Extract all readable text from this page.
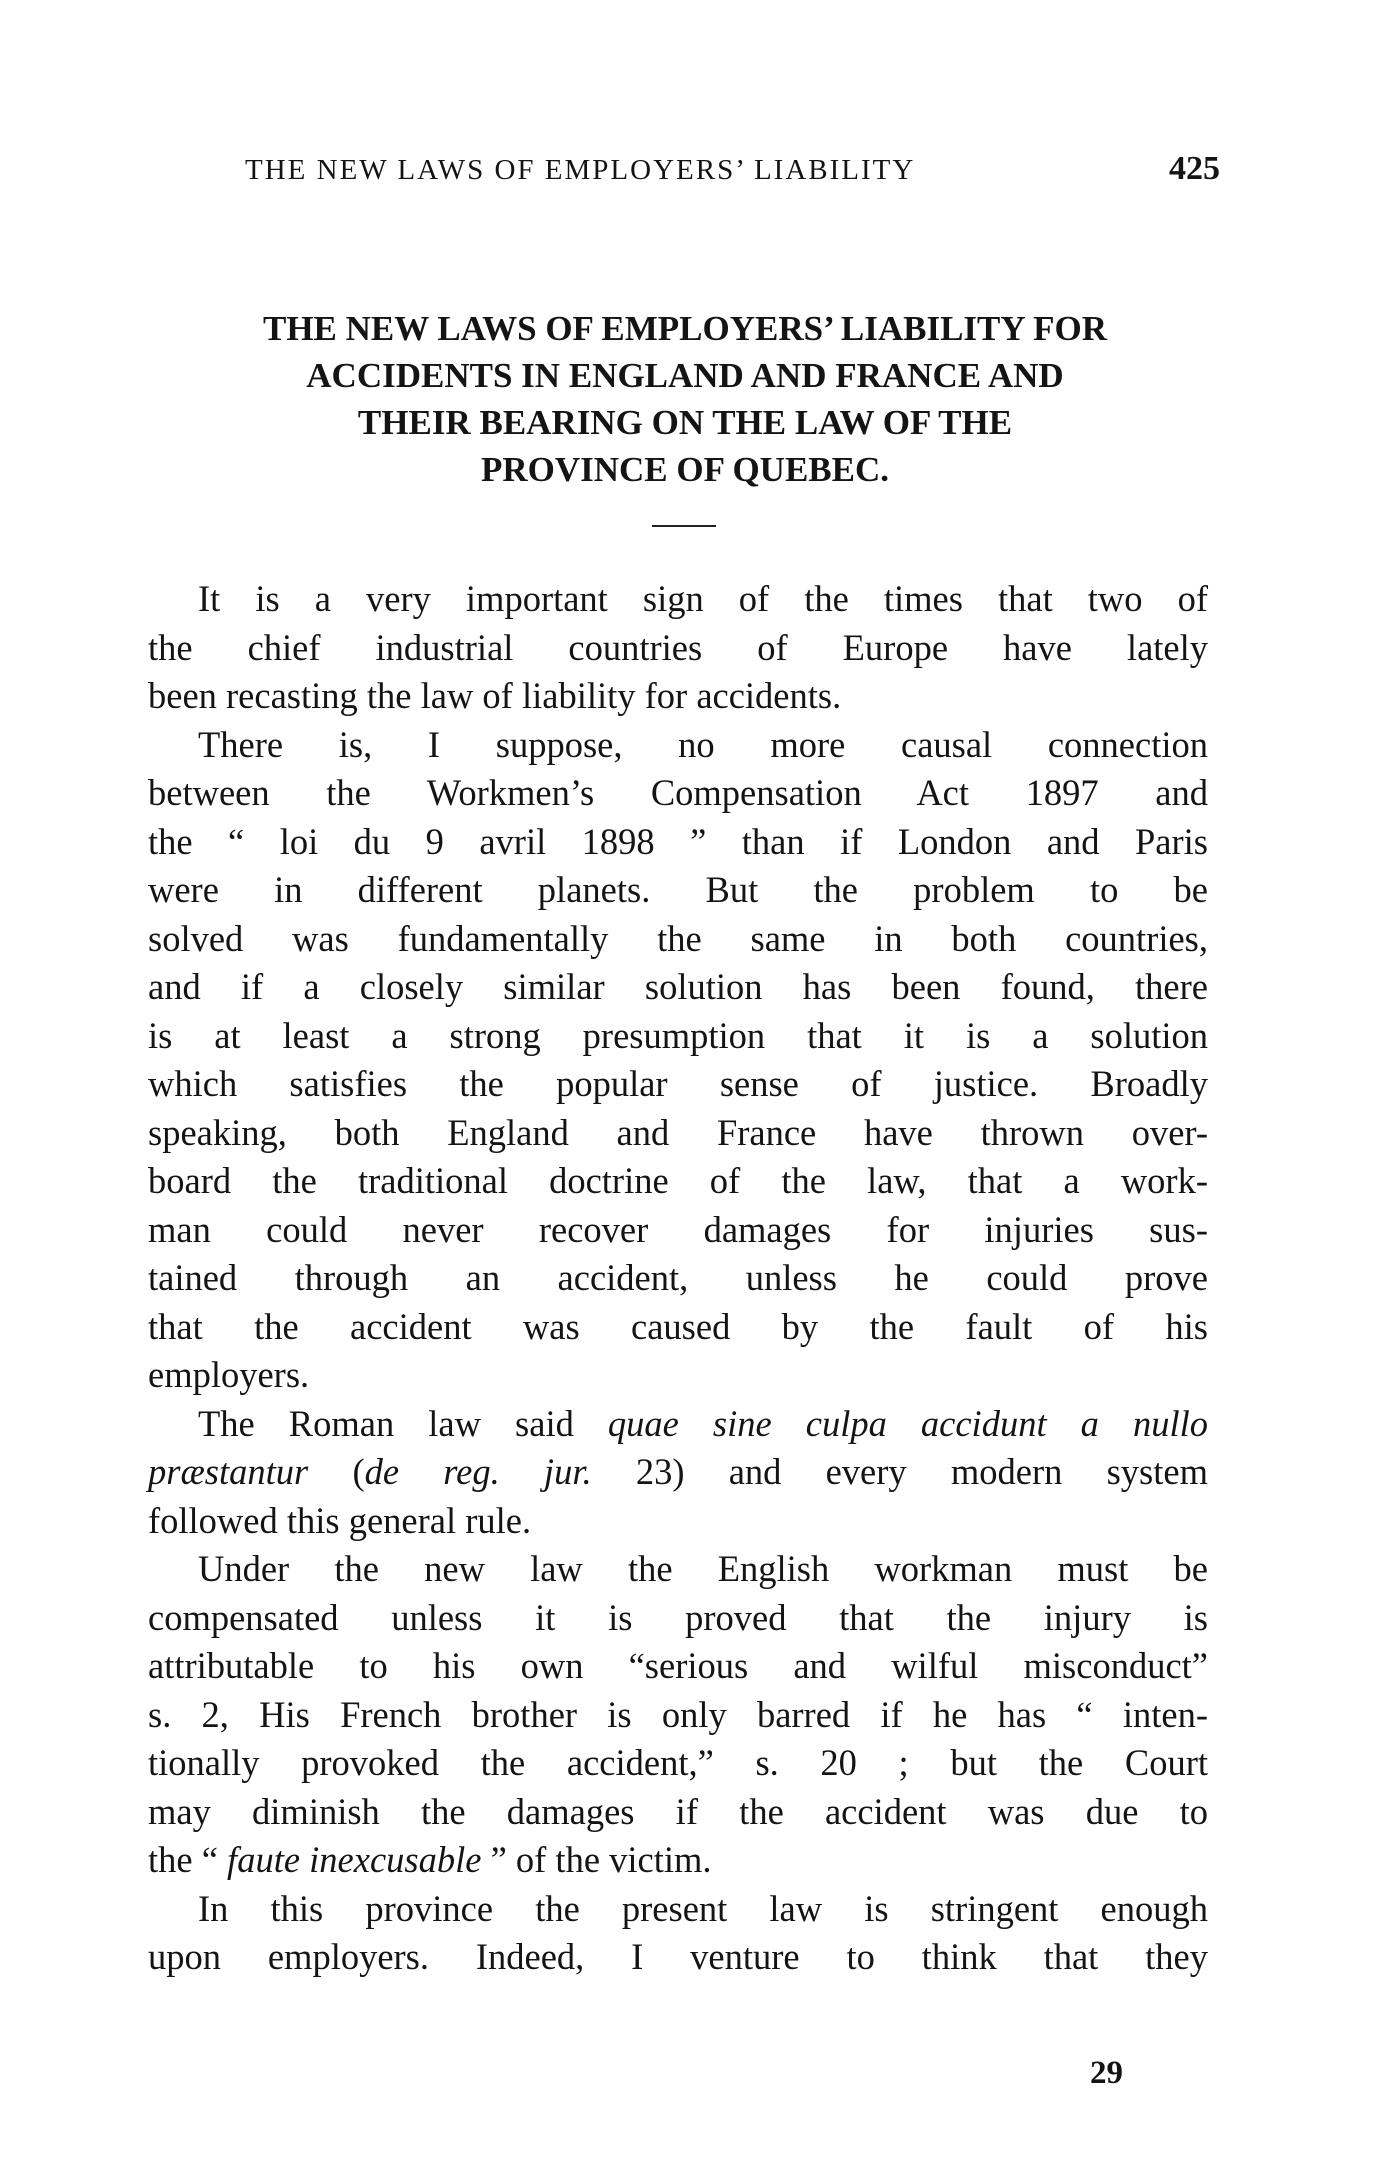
THE NEW LAWS OF EMPLOYERS’ LIABILITY	425
THE NEW LAWS OF EMPLOYERS’ LIABILITY FOR
ACCIDENTS IN ENGLAND AND FRANCE AND
THEIR BEARING ON THE LAW OF THE
PROVINCE OF QUEBEC.

It is a very important sign of the times that two of
the chief industrial countries of Europe have lately
been recasting the law of liability for accidents.

There is, I suppose, no more causal connection
between the Workmen’s Compensation Act 1897 and
the “ loi du 9 avril 1898 ” than if London and Paris
were in different planets. But the problem to be
solved was fundamentally the same in both countries,
and if a closely similar solution has been found, there
is at least a strong presumption that it is a solution
which satisfies the popular sense of justice. Broadly
speaking, both England and France have thrown over-
board the traditional doctrine of the law, that a work-
man could never recover damages for injuries sus-
tained through an accident, unless he could prove
that the accident was caused by the fault of his
employers.

The Roman law said quae sine culpa accidunt a nullo
præstantur (de reg. jur. 23) and every modern system
followed this general rule.

Under the new law the English workman must be
compensated unless it is proved that the injury is
attributable to his own “serious and wilful misconduct”
s. 2, His French brother is only barred if he has “ inten-
tionally provoked the accident,” s. 20 ; but the Court
may diminish the damages if the accident was due to
the “ faute inexcusable ” of the victim.

In this province the present law is stringent enough
upon employers. Indeed, I venture to think that they

29
